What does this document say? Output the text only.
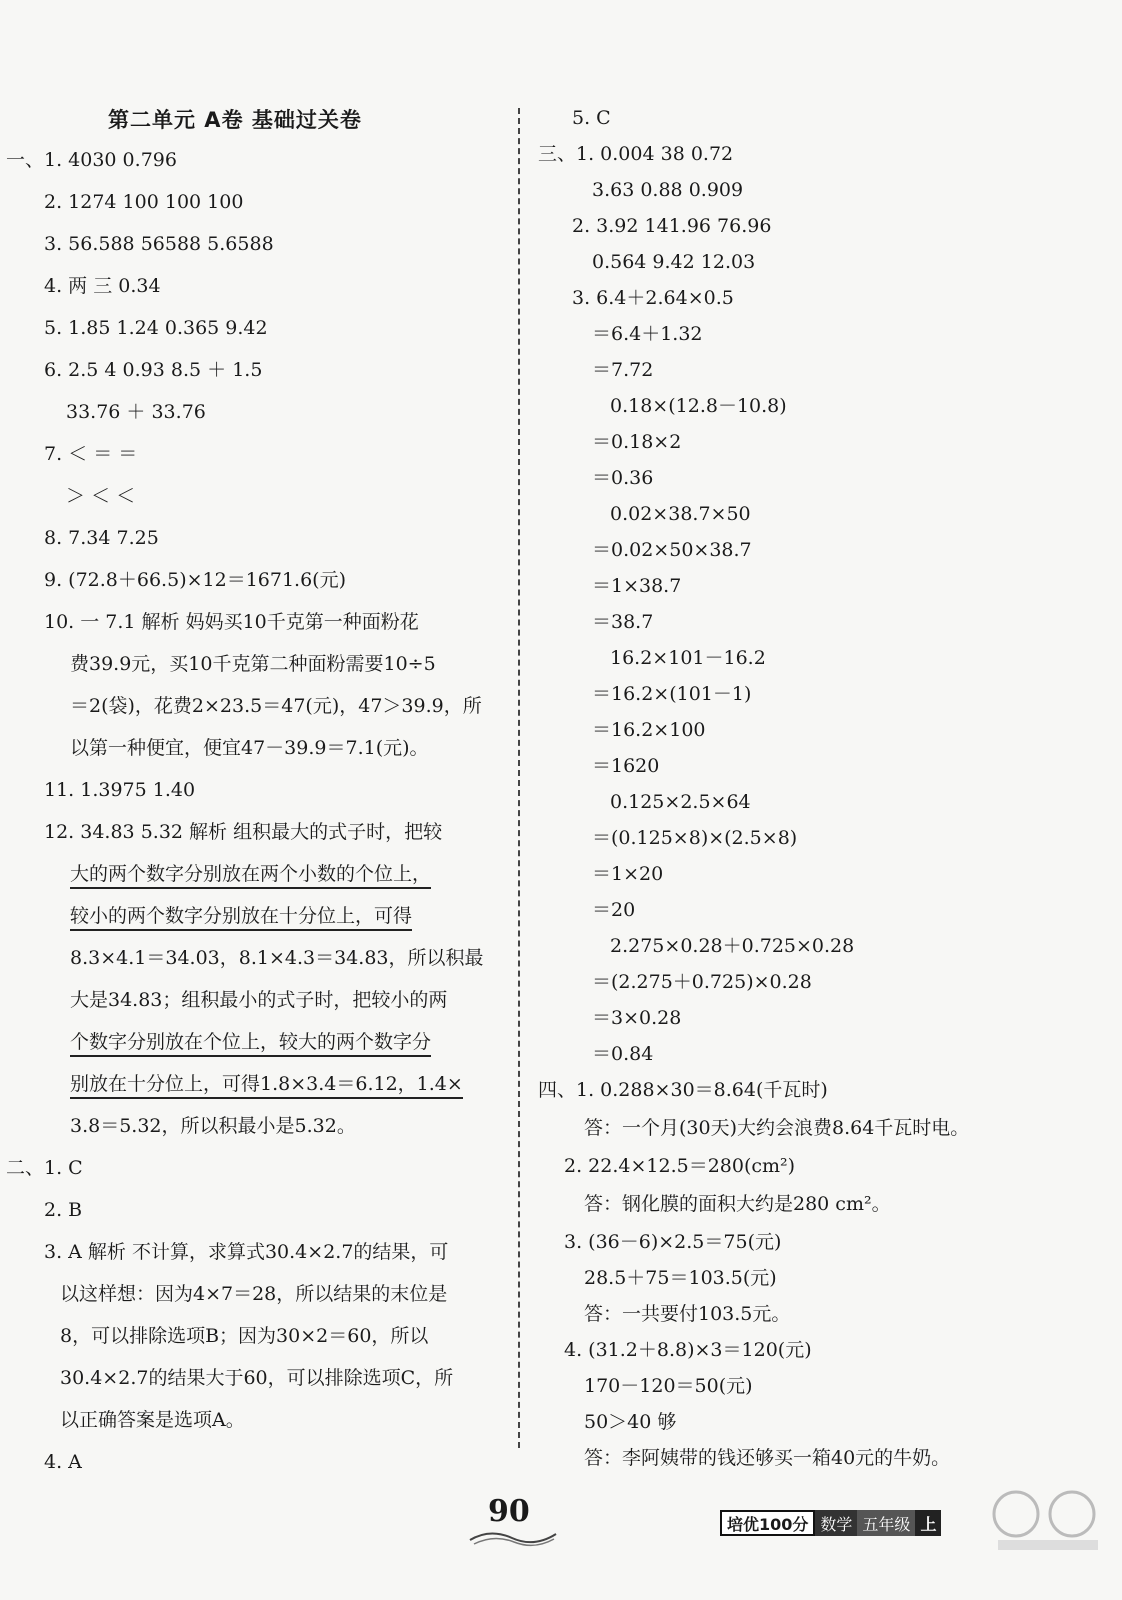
第二单元 A卷 基础过关卷
一、1. 4030 0.796
2. 1274 100 100 100
3. 56.588 56588 5.6588
4. 两 三 0.34
5. 1.85 1.24 0.365 9.42
6. 2.5 4 0.93 8.5 ＋ 1.5
33.76 ＋ 33.76
7. ＜ ＝ ＝
＞ ＜ ＜
8. 7.34 7.25
9. (72.8＋66.5)×12＝1671.6(元)
10. 一 7.1 解析 妈妈买10千克第一种面粉花
费39.9元，买10千克第二种面粉需要10÷5
＝2(袋)，花费2×23.5＝47(元)，47＞39.9，所
以第一种便宜，便宜47－39.9＝7.1(元)。
11. 1.3975 1.40
12. 34.83 5.32 解析 组积最大的式子时，把较
大的两个数字分别放在两个小数的个位上，
较小的两个数字分别放在十分位上，可得
8.3×4.1＝34.03，8.1×4.3＝34.83，所以积最
大是34.83；组积最小的式子时，把较小的两
个数字分别放在个位上，较大的两个数字分
别放在十分位上，可得1.8×3.4＝6.12，1.4×
3.8＝5.32，所以积最小是5.32。
二、1. C
2. B
3. A 解析 不计算，求算式30.4×2.7的结果，可
以这样想：因为4×7＝28，所以结果的末位是
8，可以排除选项B；因为30×2＝60，所以
30.4×2.7的结果大于60，可以排除选项C，所
以正确答案是选项A。
4. A
5. C
三、1. 0.004 38 0.72
3.63 0.88 0.909
2. 3.92 141.96 76.96
0.564 9.42 12.03
3. 6.4＋2.64×0.5
＝6.4＋1.32
＝7.72
0.18×(12.8－10.8)
＝0.18×2
＝0.36
0.02×38.7×50
＝0.02×50×38.7
＝1×38.7
＝38.7
16.2×101－16.2
＝16.2×(101－1)
＝16.2×100
＝1620
0.125×2.5×64
＝(0.125×8)×(2.5×8)
＝1×20
＝20
2.275×0.28＋0.725×0.28
＝(2.275＋0.725)×0.28
＝3×0.28
＝0.84
四、1. 0.288×30＝8.64(千瓦时)
答：一个月(30天)大约会浪费8.64千瓦时电。
2. 22.4×12.5＝280(cm²)
答：钢化膜的面积大约是280 cm²。
3. (36－6)×2.5＝75(元)
28.5＋75＝103.5(元)
答：一共要付103.5元。
4. (31.2＋8.8)×3＝120(元)
170－120＝50(元)
50＞40 够
答：李阿姨带的钱还够买一箱40元的牛奶。
90	培优100分 数学 五年级 上
